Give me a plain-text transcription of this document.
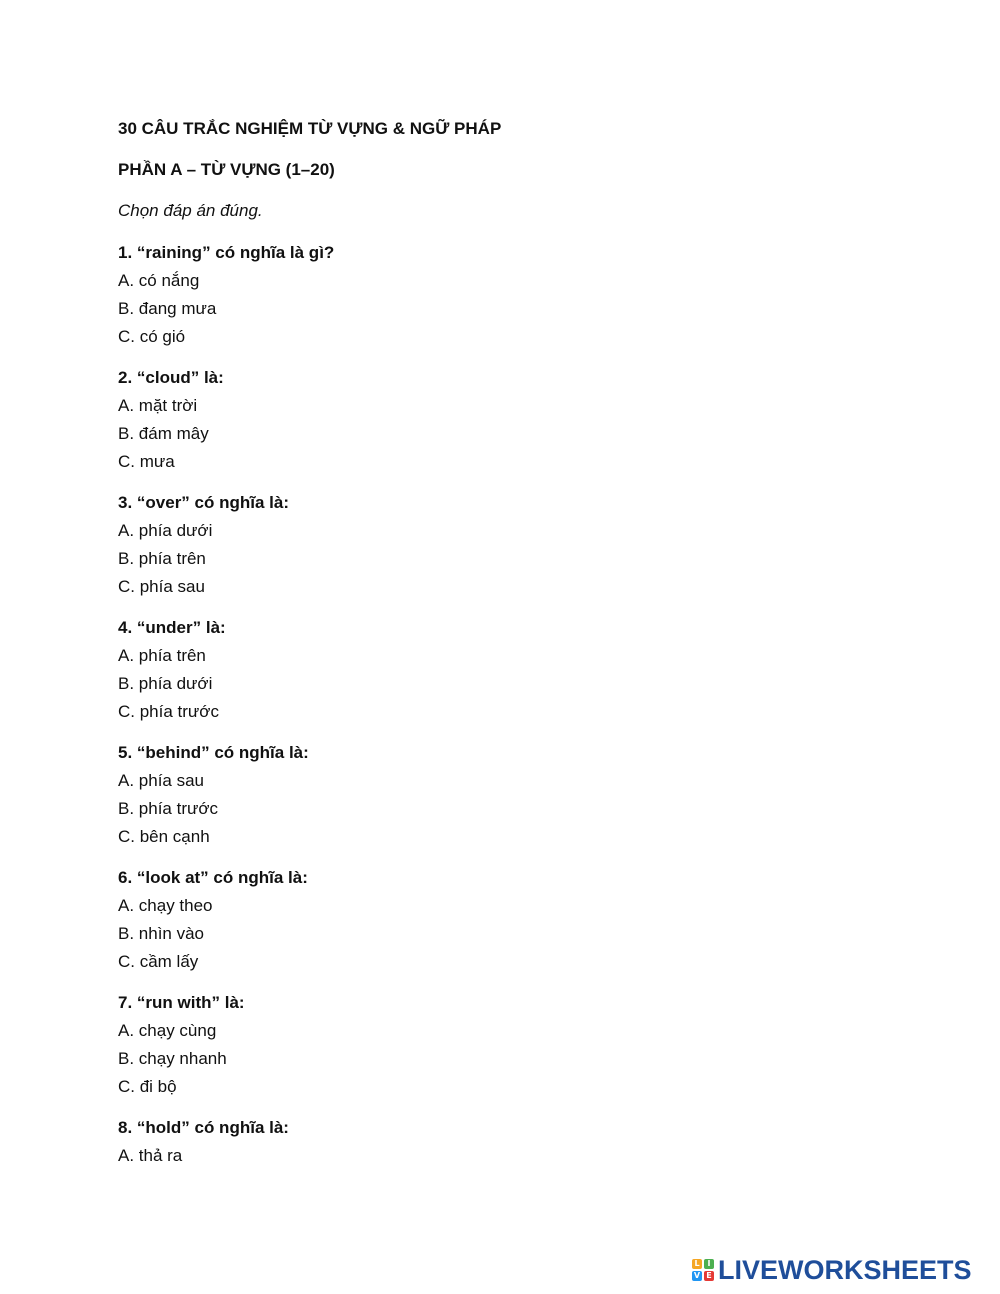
30 CÂU TRẮC NGHIỆM TỪ VỰNG & NGỮ PHÁP

PHẦN A – TỪ VỰNG (1–20)

Chọn đáp án đúng.

1. “raining” có nghĩa là gì?

A. có nắng

B. đang mưa

C. có gió

2. “cloud” là:

A. mặt trời

B. đám mây

C. mưa

3. “over” có nghĩa là:

A. phía dưới

B. phía trên

C. phía sau

4. “under” là:

A. phía trên

B. phía dưới

C. phía trước

5. “behind” có nghĩa là:

A. phía sau

B. phía trước

C. bên cạnh

6. “look at” có nghĩa là:

A. chạy theo

B. nhìn vào

C. cầm lấy

7. “run with” là:

A. chạy cùng

B. chạy nhanh

C. đi bộ

8. “hold” có nghĩa là:

A. thả ra

L I
V E LIVEWORKSHEETS
